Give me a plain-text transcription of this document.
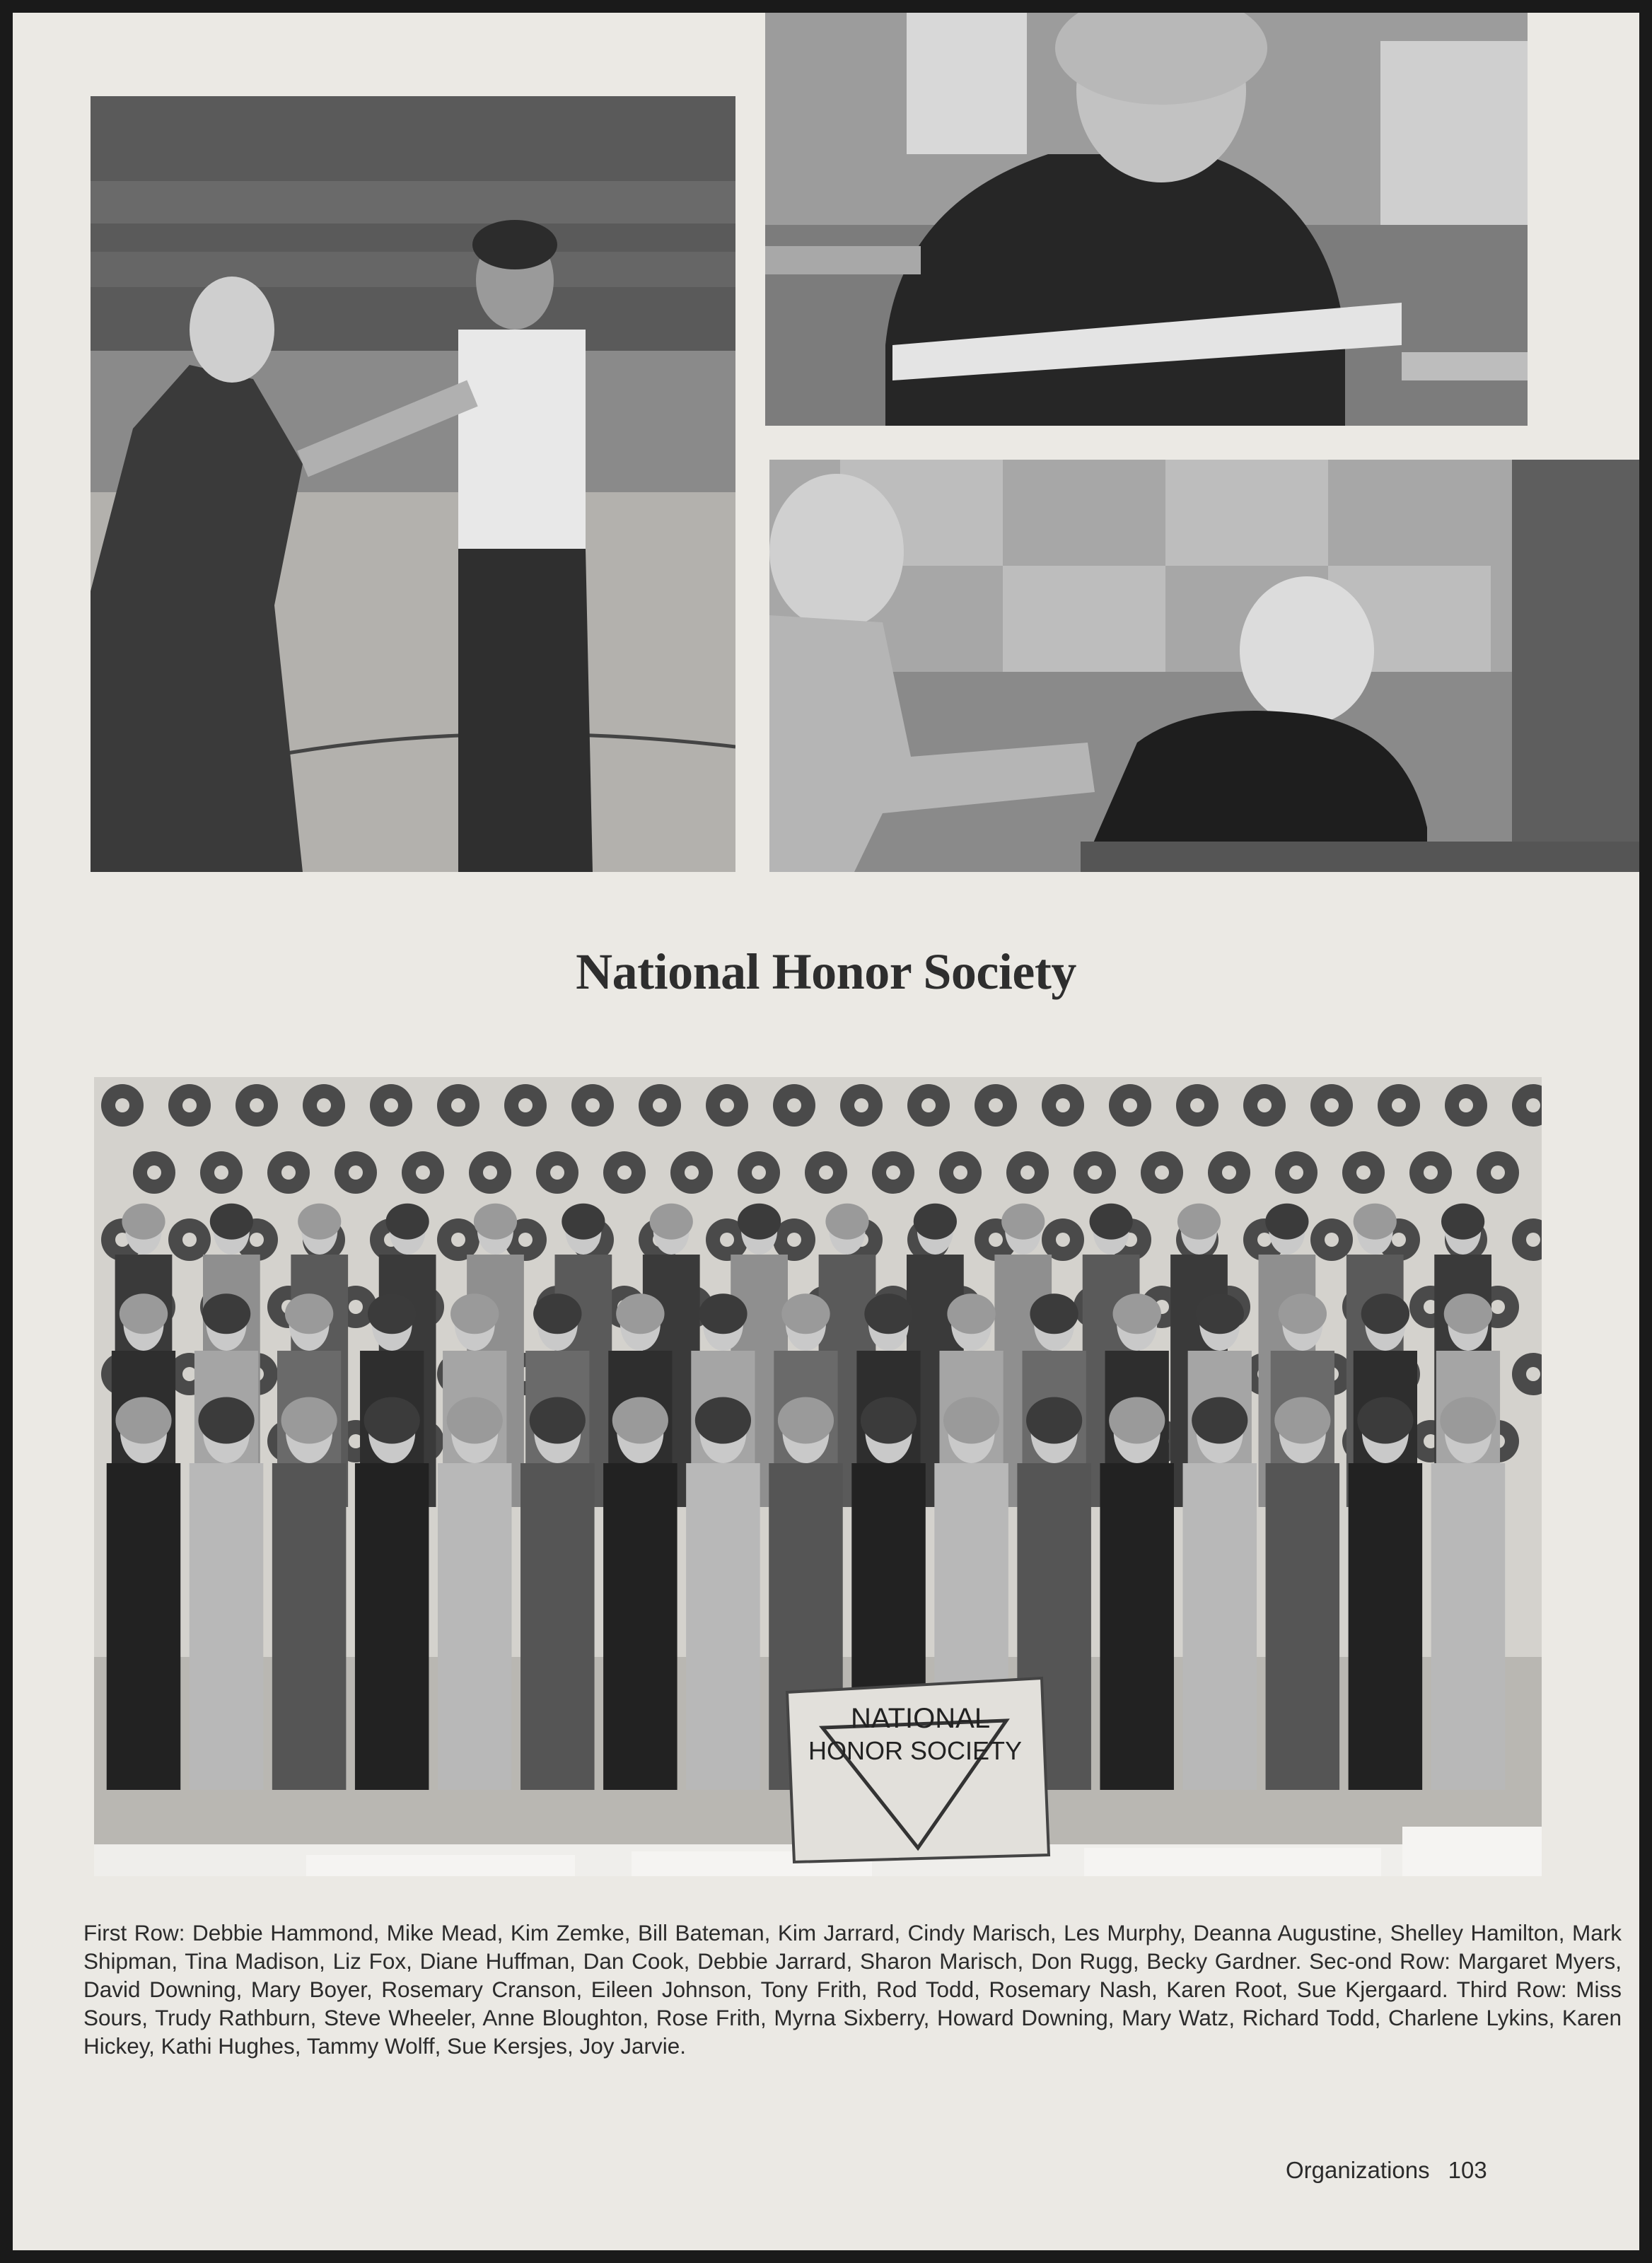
National Honor Society
NATIONAL
HONOR SOCIETY
First Row: Debbie Hammond, Mike Mead, Kim Zemke, Bill Bateman, Kim Jarrard, Cindy Marisch, Les Murphy, Deanna Augustine, Shelley Hamilton, Mark Shipman, Tina Madison, Liz Fox, Diane Huffman, Dan Cook, Debbie Jarrard, Sharon Marisch, Don Rugg, Becky Gardner. Sec-ond Row: Margaret Myers, David Downing, Mary Boyer, Rosemary Cranson, Eileen Johnson, Tony Frith, Rod Todd, Rosemary Nash, Karen Root, Sue Kjergaard. Third Row: Miss Sours, Trudy Rathburn, Steve Wheeler, Anne Bloughton, Rose Frith, Myrna Sixberry, Howard Downing, Mary Watz, Richard Todd, Charlene Lykins, Karen Hickey, Kathi Hughes, Tammy Wolff, Sue Kersjes, Joy Jarvie.
Organizations 103
